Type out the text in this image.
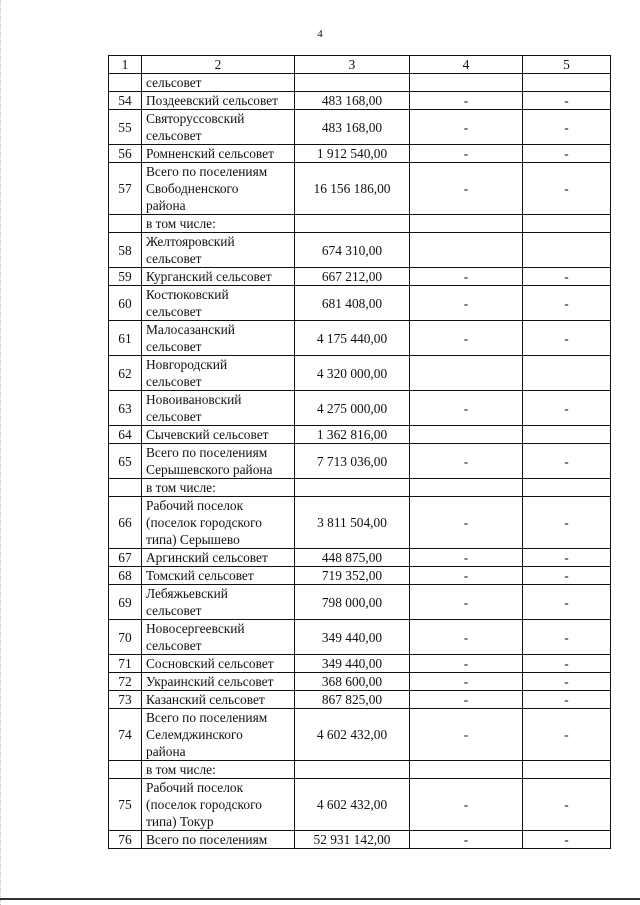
4
1	2	3	4	5

	сельсовет			

54	Поздеевский сельсовет	483 168,00	-	-
55	Святоруссовский
сельсовет	483 168,00	-	-
56	Ромненский сельсовет	1 912 540,00	-	-
57	Всего по поселениям
Свободненского
района	16 156 186,00	-	-

	в том числе:			

58	Желтояровский
сельсовет	674 310,00		
59	Курганский сельсовет	667 212,00	-	-
60	Костюковский
сельсовет	681 408,00	-	-
61	Малосазанский
сельсовет	4 175 440,00	-	-
62	Новгородский
сельсовет	4 320 000,00		
63	Новоивановский
сельсовет	4 275 000,00	-	-
64	Сычевский сельсовет	1 362 816,00		
65	Всего по поселениям
Серышевского района	7 713 036,00	-	-

	в том числе:			

66	Рабочий поселок
(поселок городского
типа) Серышево	3 811 504,00	-	-
67	Аргинский сельсовет	448 875,00	-	-
68	Томский сельсовет	719 352,00	-	-
69	Лебяжьевский
сельсовет	798 000,00	-	-
70	Новосергеевский
сельсовет	349 440,00	-	-
71	Сосновский сельсовет	349 440,00	-	-
72	Украинский сельсовет	368 600,00	-	-
73	Казанский сельсовет	867 825,00	-	-
74	Всего по поселениям
Селемджинского
района	4 602 432,00	-	-

	в том числе:			

75	Рабочий поселок
(поселок городского
типа) Токур	4 602 432,00	-	-
76	Всего по поселениям	52 931 142,00	-	-
